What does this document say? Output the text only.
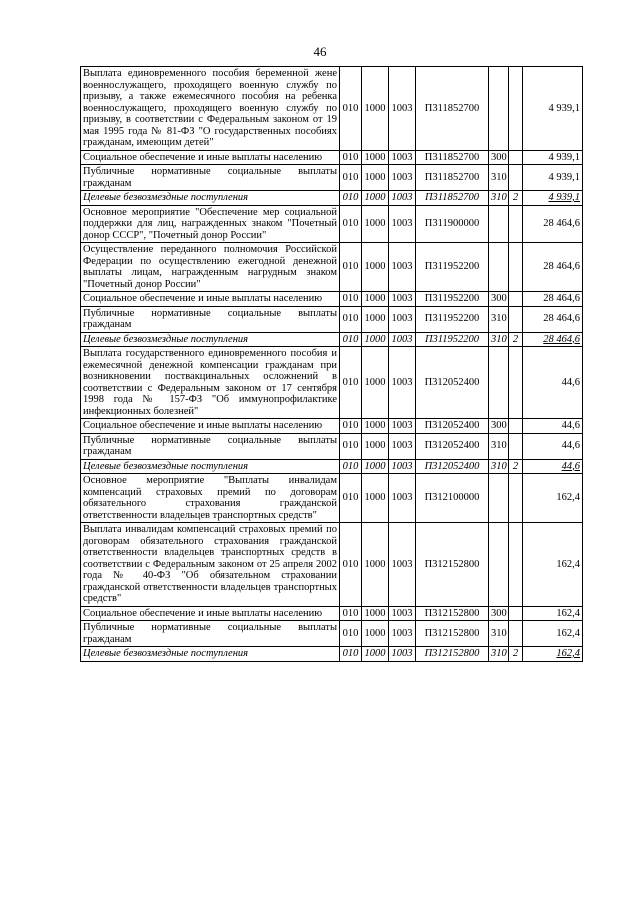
46
Выплата единовременного пособия беременной жене военнослужащего, проходящего военную службу по призыву, а также ежемесячного пособия на ребенка военнослужащего, проходящего военную службу по призыву, в соответствии с Федеральным законом от 19 мая 1995 года № 81-ФЗ "О государственных пособиях гражданам, имеющим детей"	010	1000	1003	П311852700			4 939,1
Социальное обеспечение и иные выплаты населению	010	1000	1003	П311852700	300		4 939,1
Публичные нормативные социальные выплаты гражданам	010	1000	1003	П311852700	310		4 939,1
Целевые безвозмездные поступления	010	1000	1003	П311852700	310	2	4 939,1
Основное мероприятие "Обеспечение мер социальной поддержки для лиц, награжденных знаком "Почетный донор СССР", "Почетный донор России"	010	1000	1003	П311900000			28 464,6
Осуществление переданного полномочия Российской Федерации по осуществлению ежегодной денежной выплаты лицам, награжденным нагрудным знаком "Почетный донор России"	010	1000	1003	П311952200			28 464,6
Социальное обеспечение и иные выплаты населению	010	1000	1003	П311952200	300		28 464,6
Публичные нормативные социальные выплаты гражданам	010	1000	1003	П311952200	310		28 464,6
Целевые безвозмездные поступления	010	1000	1003	П311952200	310	2	28 464,6
Выплата государственного единовременного пособия и ежемесячной денежной компенсации гражданам при возникновении поствакцинальных осложнений в соответствии с Федеральным законом от 17 сентября 1998 года № 157-ФЗ "Об иммунопрофилактике инфекционных болезней"	010	1000	1003	П312052400			44,6
Социальное обеспечение и иные выплаты населению	010	1000	1003	П312052400	300		44,6
Публичные нормативные социальные выплаты гражданам	010	1000	1003	П312052400	310		44,6
Целевые безвозмездные поступления	010	1000	1003	П312052400	310	2	44,6
Основное мероприятие "Выплаты инвалидам компенсаций страховых премий по договорам обязательного страхования гражданской ответственности владельцев транспортных средств"	010	1000	1003	П312100000			162,4
Выплата инвалидам компенсаций страховых премий по договорам обязательного страхования гражданской ответственности владельцев транспортных средств в соответствии с Федеральным законом от 25 апреля 2002 года № 40-ФЗ "Об обязательном страховании гражданской ответственности владельцев транспортных средств"	010	1000	1003	П312152800			162,4
Социальное обеспечение и иные выплаты населению	010	1000	1003	П312152800	300		162,4
Публичные нормативные социальные выплаты гражданам	010	1000	1003	П312152800	310		162,4
Целевые безвозмездные поступления	010	1000	1003	П312152800	310	2	162,4
